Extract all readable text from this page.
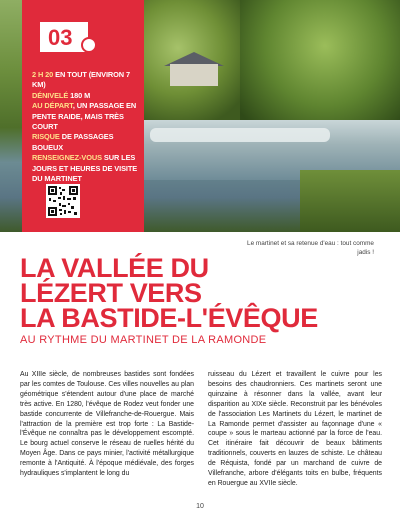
03
2 H 20 EN TOUT (ENVIRON 7 KM)
DÉNIVELÉ 180 M
AU DÉPART, UN PASSAGE EN PENTE RAIDE, MAIS TRÈS COURT
RISQUE DE PASSAGES BOUEUX
RENSEIGNEZ-VOUS SUR LES JOURS ET HEURES DE VISITE DU MARTINET
Le martinet et sa retenue d'eau : tout comme jadis !
LA VALLÉE DU
LÉZERT VERS
LA BASTIDE-L'ÉVÊQUE
AU RYTHME DU MARTINET DE LA RAMONDE

Au XIIIe siècle, de nombreuses bastides sont fondées par les comtes de Toulouse. Ces villes nouvelles au plan géométrique s'étendent autour d'une place de marché très active. En 1280, l'évêque de Rodez veut fonder une bastide concurrente de Villefranche-de-Rouergue. Mais l'attraction de la première est trop forte : La Bastide-l'Évêque ne connaîtra pas le développement escompté. Le bourg actuel conserve le réseau de ruelles hérité du Moyen Âge. Dans ce pays minier, l'activité métallurgique remonte à l'Antiquité. À l'époque médiévale, des forges hydrauliques s'implantent le long du

ruisseau du Lézert et travaillent le cuivre pour les besoins des chaudronniers. Ces martinets seront une quinzaine à résonner dans la vallée, avant leur disparition au XIXe siècle. Reconstruit par les bénévoles de l'association Les Martinets du Lézert, le martinet de La Ramonde permet d'assister au façonnage d'une « coupe » sous le marteau actionné par la force de l'eau. Cet itinéraire fait découvrir de beaux bâtiments traditionnels, couverts en lauzes de schiste. Le château de Réquista, fondé par un marchand de cuivre de Villefranche, arbore d'élégants toits en bulbe, fréquents en Rouergue au XVIIe siècle.

10
